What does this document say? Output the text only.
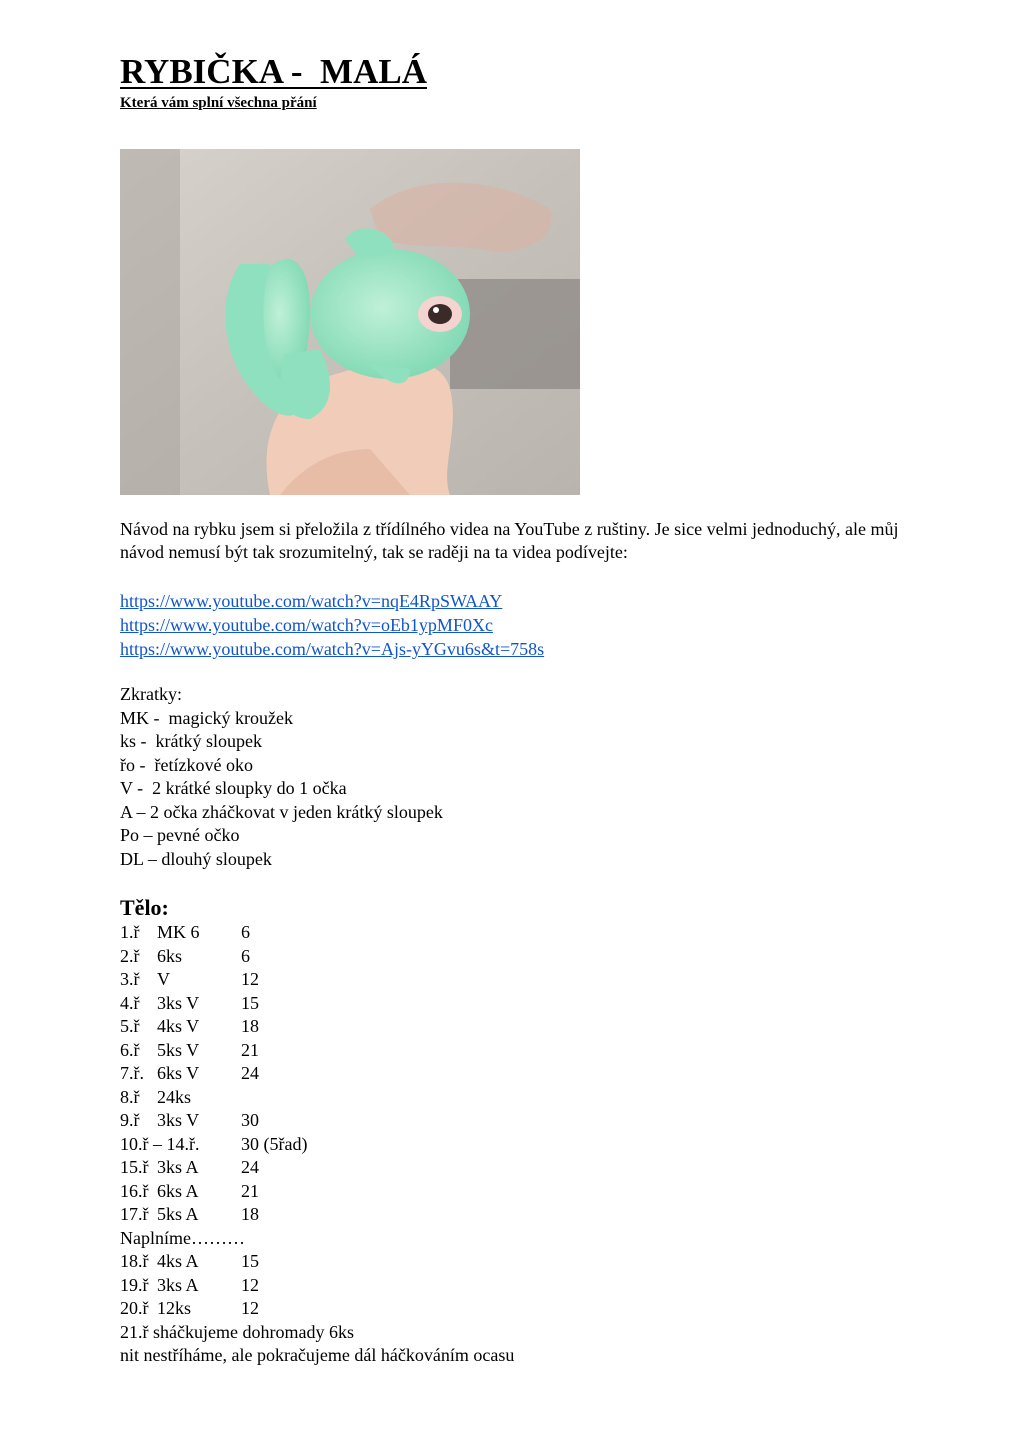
RYBIČKA -  MALÁ
Která vám splní všechna přání

Návod na rybku jsem si přeložila z třídílného videa na YouTube z ruštiny. Je sice velmi jednoduchý, ale můj návod nemusí být tak srozumitelný, tak se raději na ta videa podívejte:

https://www.youtube.com/watch?v=nqE4RpSWAAY
https://www.youtube.com/watch?v=oEb1ypMF0Xc
https://www.youtube.com/watch?v=Ajs-yYGvu6s&t=758s
Zkratky:
MK -  magický kroužek
ks -  krátký sloupek
řo -  řetízkové oko
V -  2 krátké sloupky do 1 očka
A – 2 očka zháčkovat v jeden krátký sloupek
Po – pevné očko
DL – dlouhý sloupek
Tělo:
1.ř MK 6 6
2.ř 6ks	6
3.ř V	12
4.ř 3ks V 15
5.ř 4ks V 18
6.ř 5ks V 21
7.ř. 6ks V 24
8.ř 24ks
9.ř 3ks V 30
10.ř – 14.ř. 30 (5řad)
15.ř 3ks A 24
16.ř 6ks A 21
17.ř 5ks A 18
Naplníme………
18.ř 4ks A 15
19.ř 3ks A 12
20.ř 12ks	12
21.ř sháčkujeme dohromady 6ks
nit nestříháme, ale pokračujeme dál háčkováním ocasu
